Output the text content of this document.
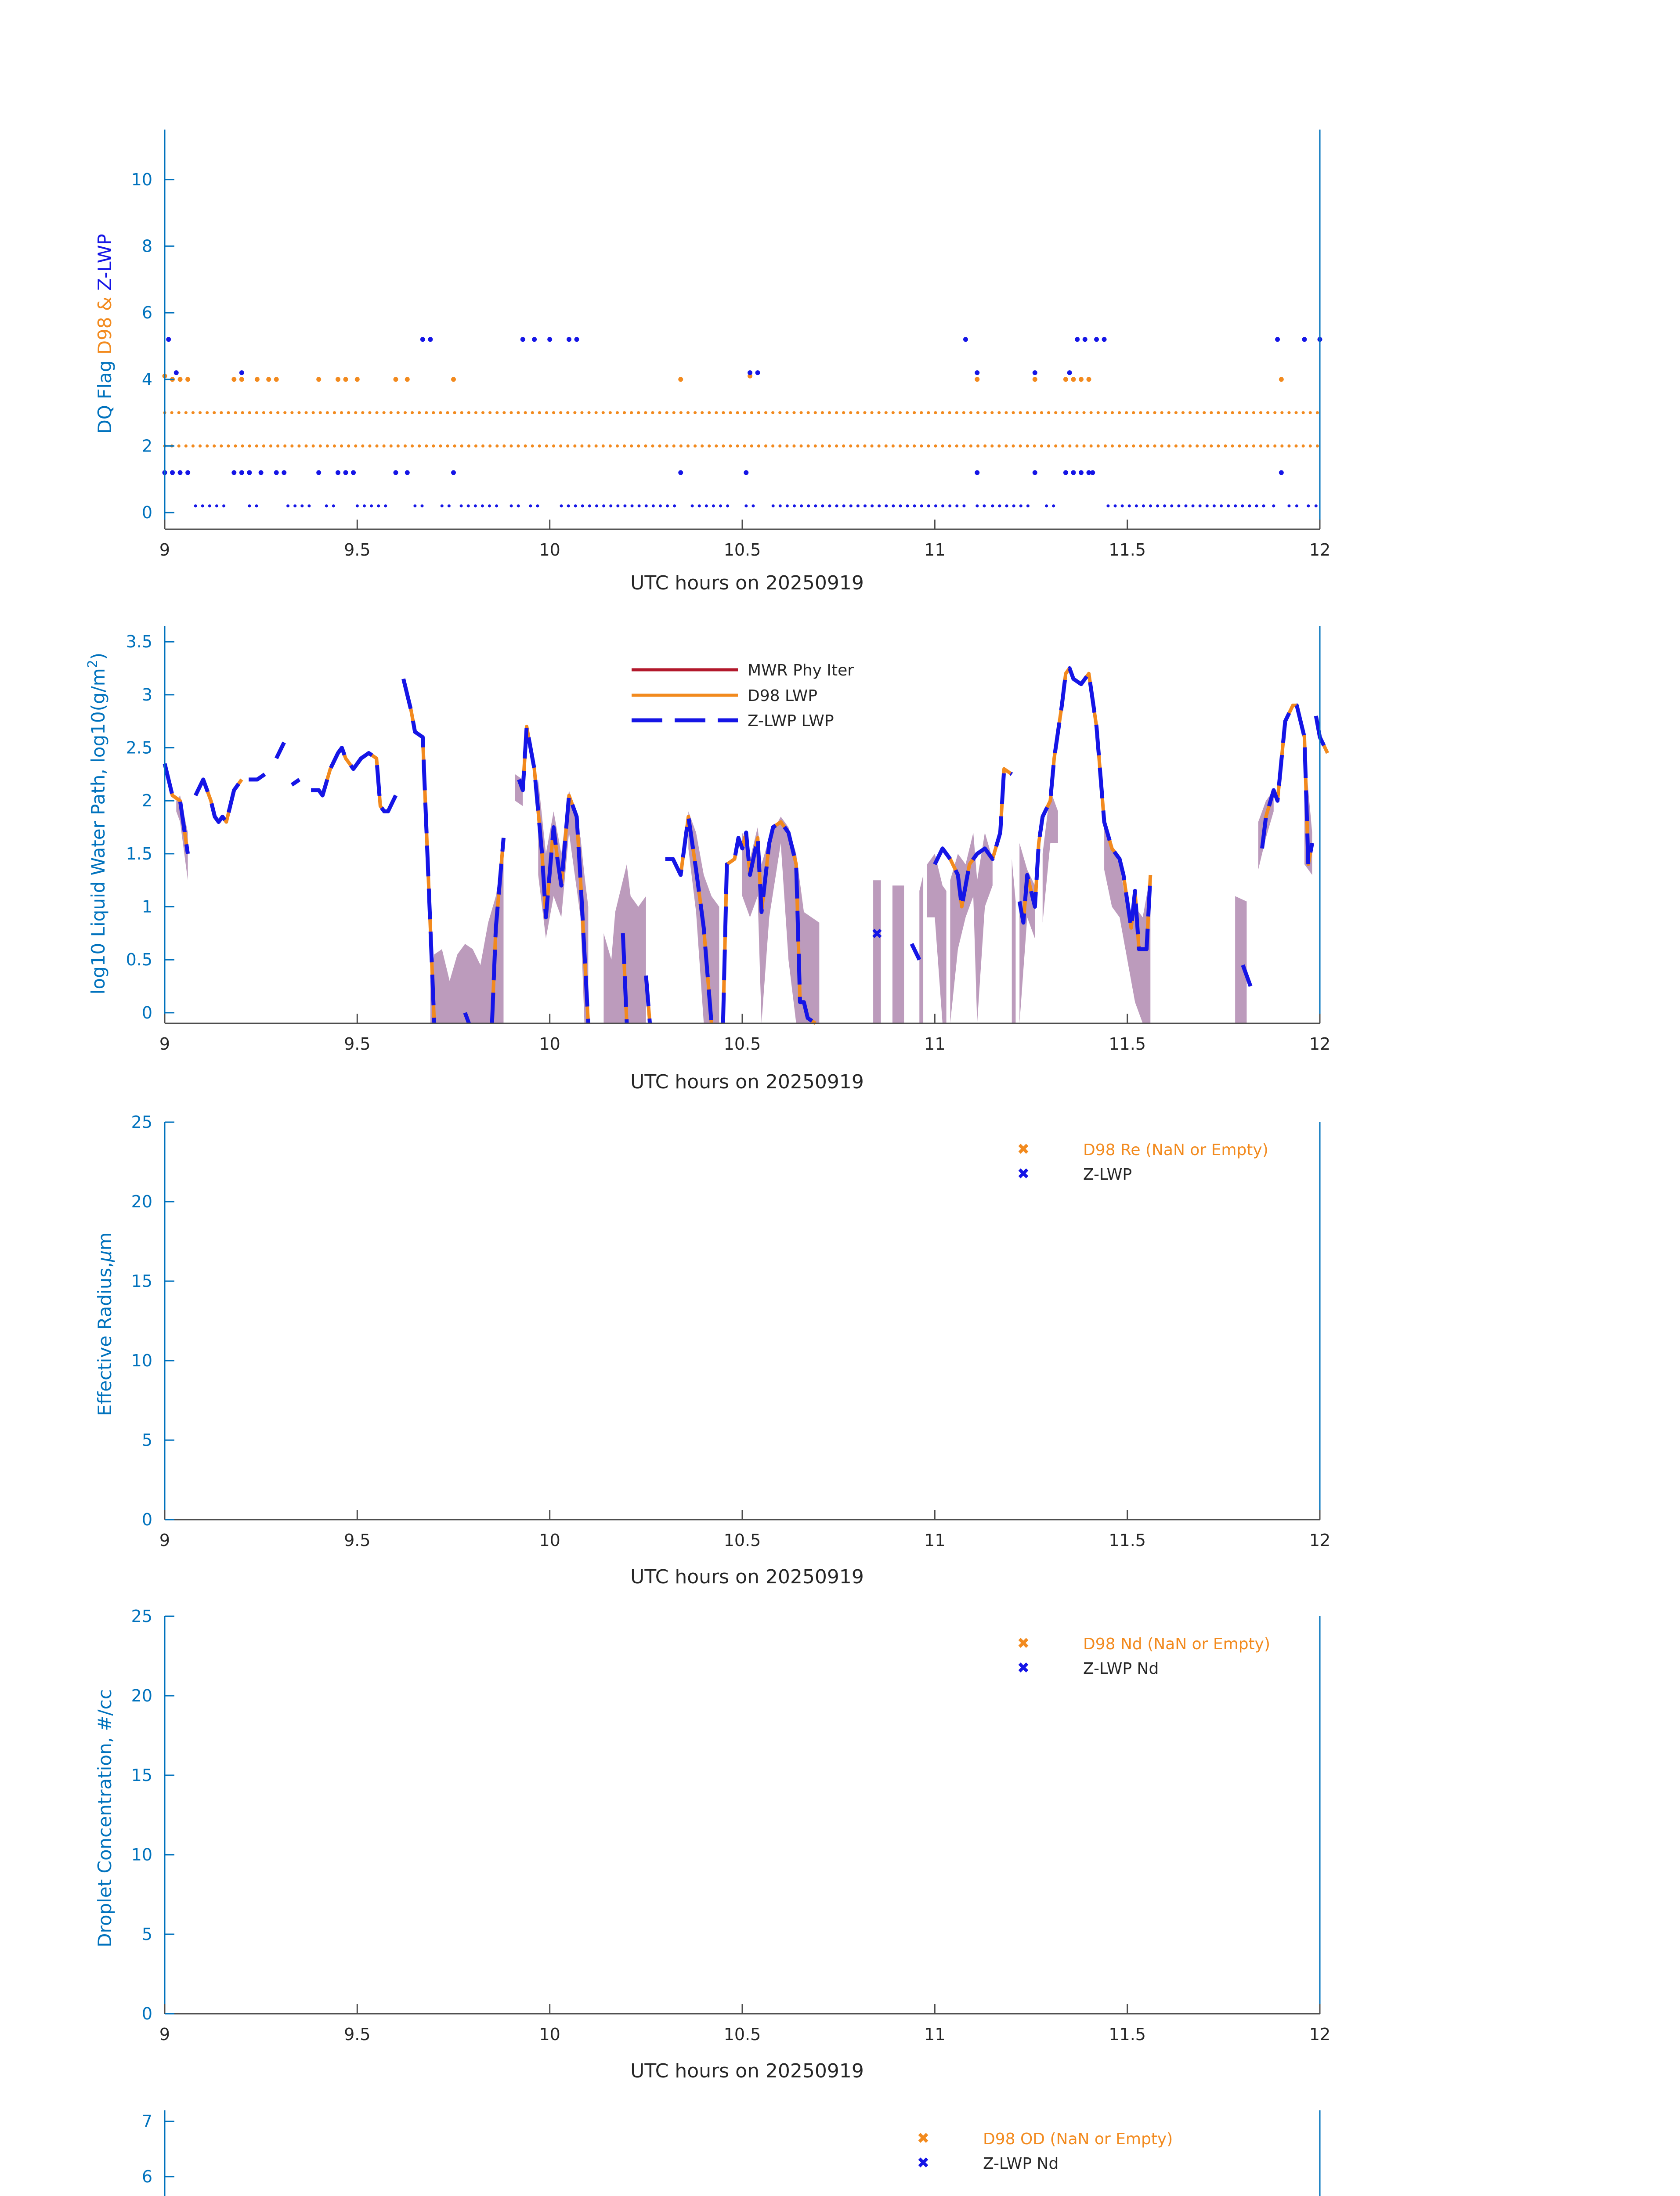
9	9.5	10	10.5	11	11.5	12
0
2
4
6
8
10
DQ Flag D98 & Z-LWP
UTC hours on 20250919
✖
9	9.5	10	10.5	11	11.5	12
0
0.5
1
1.5
2
2.5
3
3.5
log10 Liquid Water Path, $\log 10(g/m^2)$
UTC hours on 20250919
MWR Phy Iter
D98 LWP
Z-LWP LWP
9	9.5	10	10.5	11	11.5	12
0
5
10
15
20
25
Effective Radius,μm
UTC hours on 20250919
✖	D98 Re (NaN or Empty)
✖	Z-LWP
9	9.5	10	10.5	11	11.5	12
0
5
10
15
20
25
Droplet Concentration, #/cc
UTC hours on 20250919
✖	D98 Nd (NaN or Empty)
✖	Z-LWP Nd
6
7
✖	D98 OD (NaN or Empty)
✖	Z-LWP Nd
